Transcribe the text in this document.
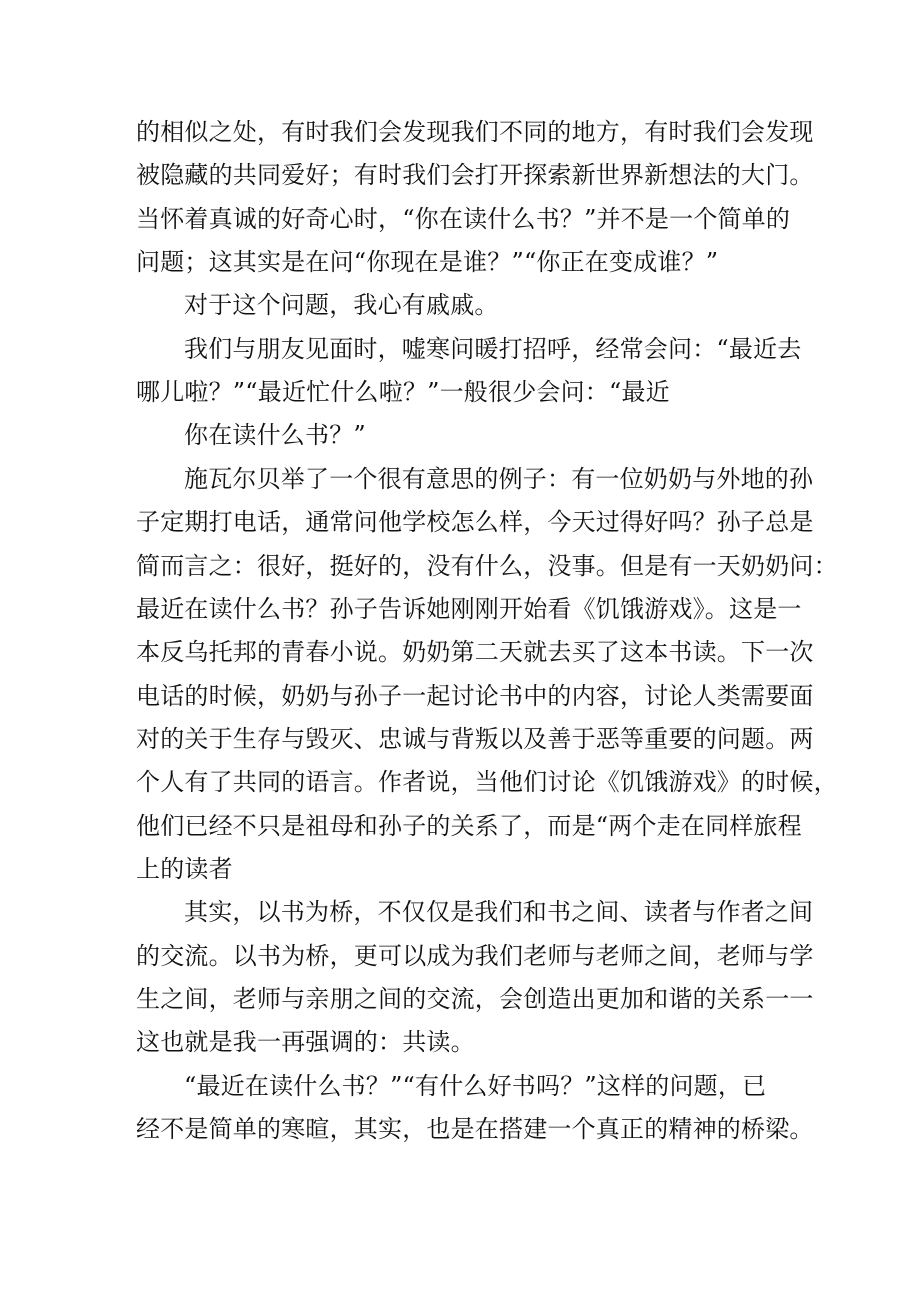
的相似之处，有时我们会发现我们不同的地方，有时我们会发现
被隐藏的共同爱好；有时我们会打开探索新世界新想法的大门。
当怀着真诚的好奇心时，“你在读什么书？”并不是一个简单的
问题；这其实是在问“你现在是谁？”“你正在变成谁？”
对于这个问题，我心有戚戚。
我们与朋友见面时，嘘寒问暖打招呼，经常会问：“最近去
哪儿啦？”“最近忙什么啦？”一般很少会问：“最近
你在读什么书？”
施瓦尔贝举了一个很有意思的例子：有一位奶奶与外地的孙
子定期打电话，通常问他学校怎么样，今天过得好吗？孙子总是
简而言之：很好，挺好的，没有什么，没事。但是有一天奶奶问：
最近在读什么书？孙子告诉她刚刚开始看《饥饿游戏》。这是一
本反乌托邦的青春小说。奶奶第二天就去买了这本书读。下一次
电话的时候，奶奶与孙子一起讨论书中的内容，讨论人类需要面
对的关于生存与毁灭、忠诚与背叛以及善于恶等重要的问题。两
个人有了共同的语言。作者说，当他们讨论《饥饿游戏》的时候，
他们已经不只是祖母和孙子的关系了，而是“两个走在同样旅程
上的读者
其实，以书为桥，不仅仅是我们和书之间、读者与作者之间
的交流。以书为桥，更可以成为我们老师与老师之间，老师与学
生之间，老师与亲朋之间的交流，会创造出更加和谐的关系一一
这也就是我一再强调的：共读。
“最近在读什么书？”“有什么好书吗？”这样的问题，已
经不是简单的寒暄，其实，也是在搭建一个真正的精神的桥梁。
